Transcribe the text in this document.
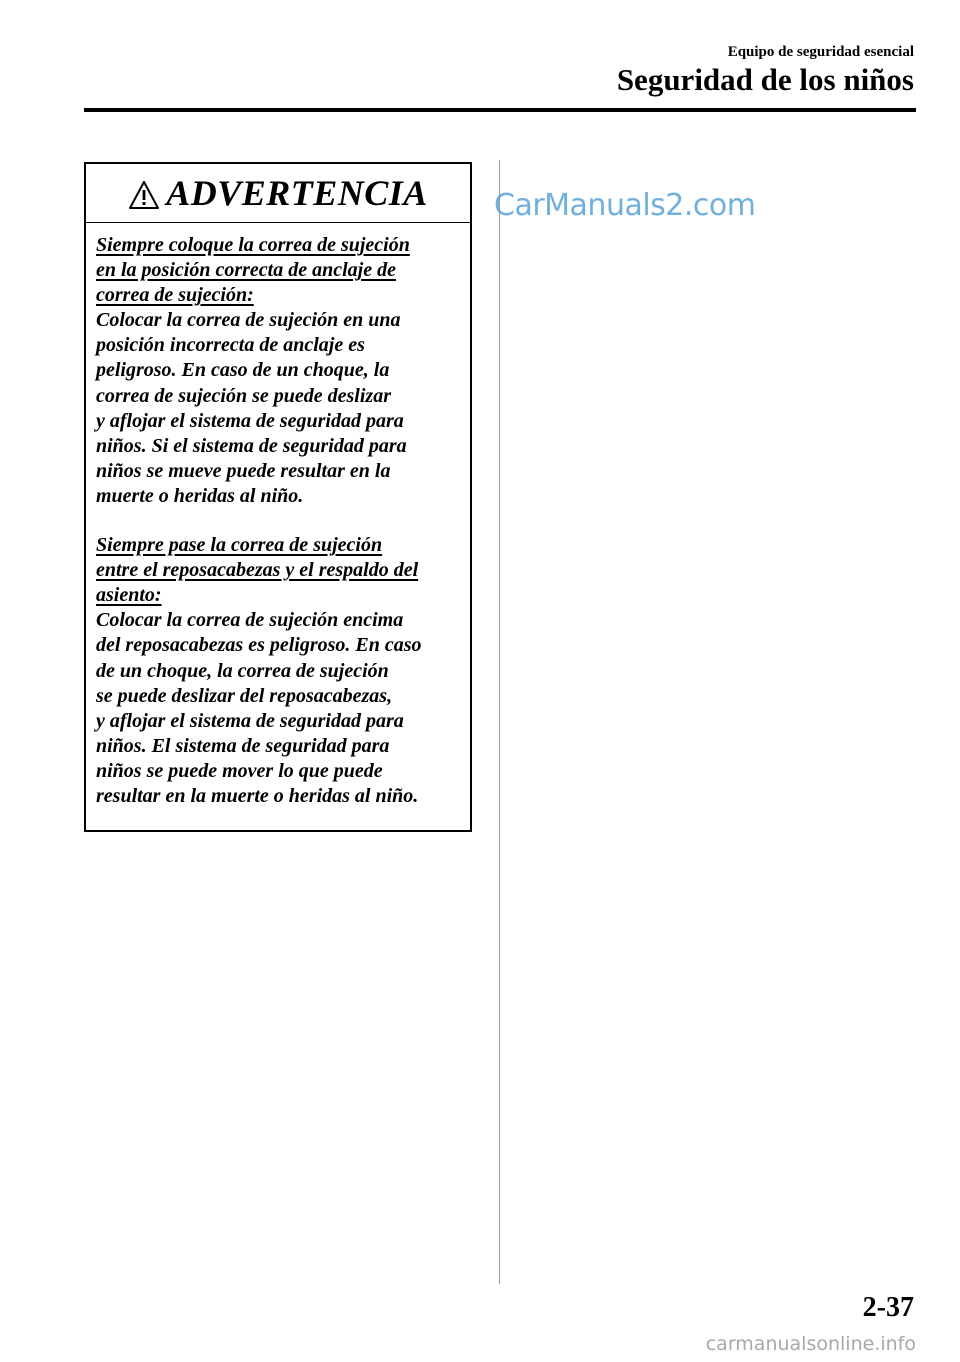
Equipo de seguridad esencial
Seguridad de los niños
ADVERTENCIA
Siempre coloque la correa de sujeción
en la posición correcta de anclaje de
correa de sujeción:
Colocar la correa de sujeción en una
posición incorrecta de anclaje es
peligroso. En caso de un choque, la
correa de sujeción se puede deslizar
y aflojar el sistema de seguridad para
niños. Si el sistema de seguridad para
niños se mueve puede resultar en la
muerte o heridas al niño.
Siempre pase la correa de sujeción
entre el reposacabezas y el respaldo del
asiento:
Colocar la correa de sujeción encima
del reposacabezas es peligroso. En caso
de un choque, la correa de sujeción
se puede deslizar del reposacabezas,
y aflojar el sistema de seguridad para
niños. El sistema de seguridad para
niños se puede mover lo que puede
resultar en la muerte o heridas al niño.
CarManuals2.com
2-37
carmanualsonline.info
